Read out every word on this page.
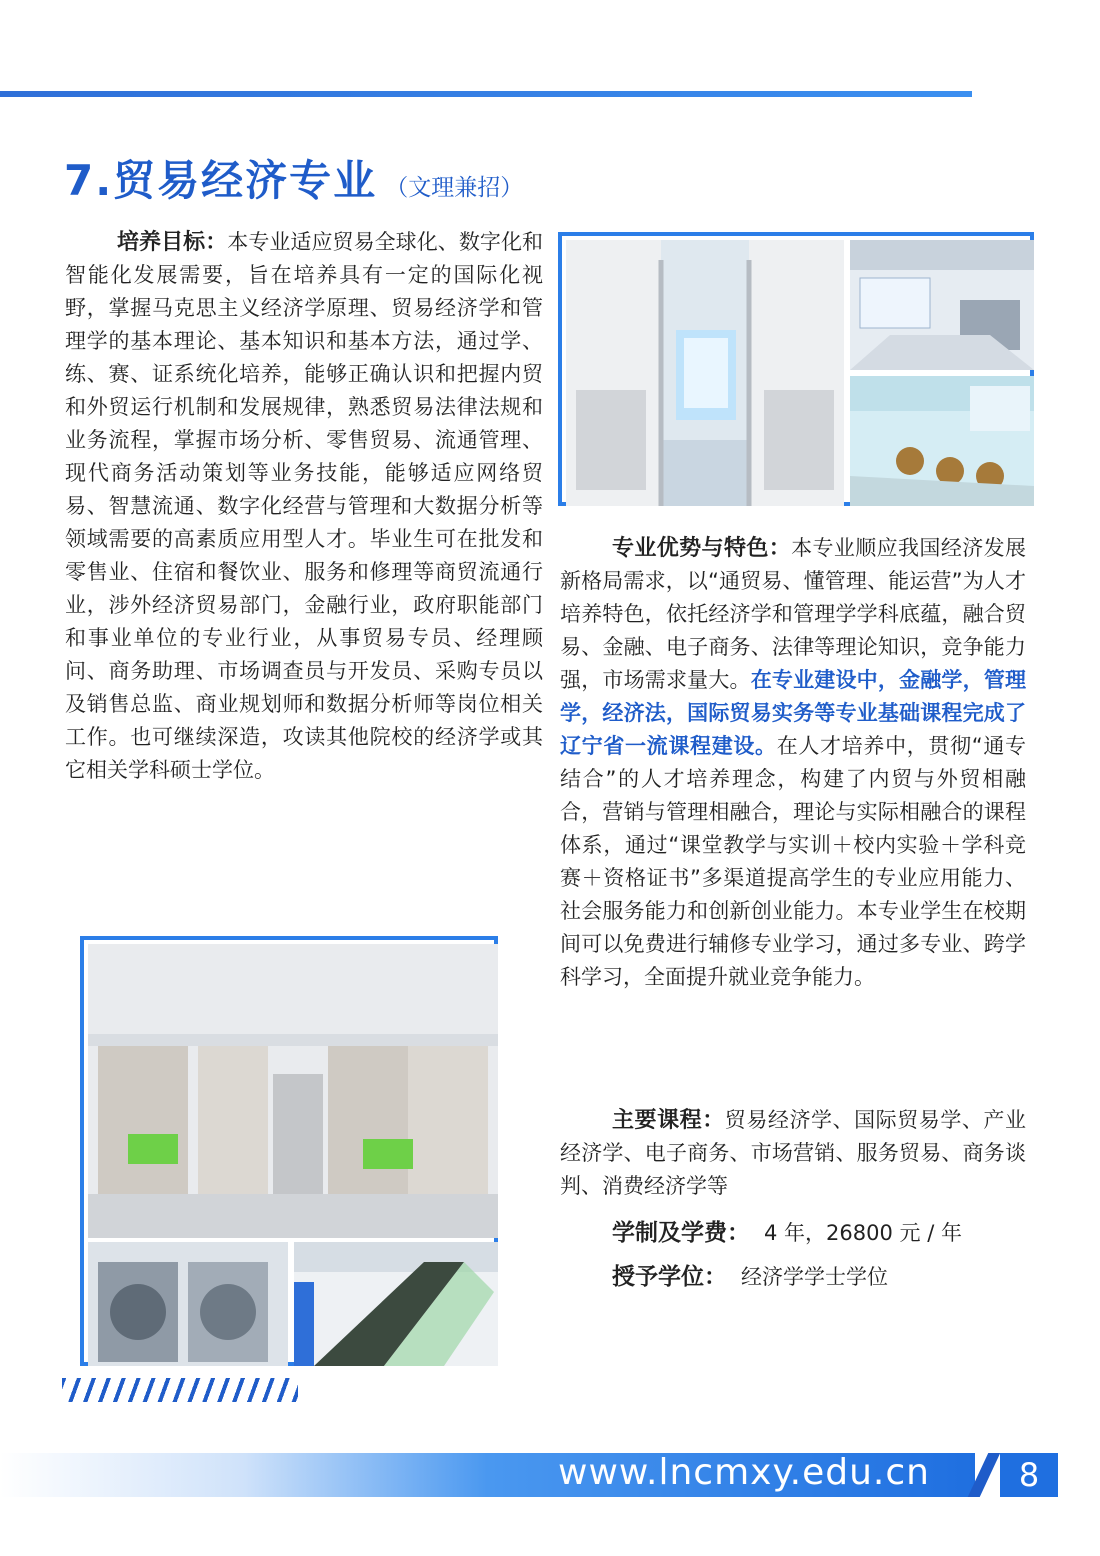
7.贸易经济专业 （文理兼招）
培养目标：本专业适应贸易全球化、数字化和智能化发展需要，旨在培养具有一定的国际化视野，掌握马克思主义经济学原理、贸易经济学和管理学的基本理论、基本知识和基本方法，通过学、练、赛、证系统化培养，能够正确认识和把握内贸和外贸运行机制和发展规律，熟悉贸易法律法规和业务流程，掌握市场分析、零售贸易、流通管理、现代商务活动策划等业务技能，能够适应网络贸易、智慧流通、数字化经营与管理和大数据分析等领域需要的高素质应用型人才。毕业生可在批发和零售业、住宿和餐饮业、服务和修理等商贸流通行业，涉外经济贸易部门，金融行业，政府职能部门和事业单位的专业行业，从事贸易专员、经理顾问、商务助理、市场调查员与开发员、采购专员以及销售总监、商业规划师和数据分析师等岗位相关工作。也可继续深造，攻读其他院校的经济学或其它相关学科硕士学位。
专业优势与特色：本专业顺应我国经济发展新格局需求，以“通贸易、懂管理、能运营”为人才培养特色，依托经济学和管理学学科底蕴，融合贸易、金融、电子商务、法律等理论知识，竞争能力强，市场需求量大。在专业建设中，金融学，管理学，经济法，国际贸易实务等专业基础课程完成了辽宁省一流课程建设。在人才培养中，贯彻“通专结合”的人才培养理念，构建了内贸与外贸相融合，营销与管理相融合，理论与实际相融合的课程体系，通过“课堂教学与实训＋校内实验＋学科竞赛＋资格证书”多渠道提高学生的专业应用能力、社会服务能力和创新创业能力。本专业学生在校期间可以免费进行辅修专业学习，通过多专业、跨学科学习，全面提升就业竞争能力。
主要课程：贸易经济学、国际贸易学、产业经济学、电子商务、市场营销、服务贸易、商务谈判、消费经济学等
学制及学费： 4 年，26800 元 / 年
授予学位： 经济学学士学位
www.lncmxy.edu.cn	8
